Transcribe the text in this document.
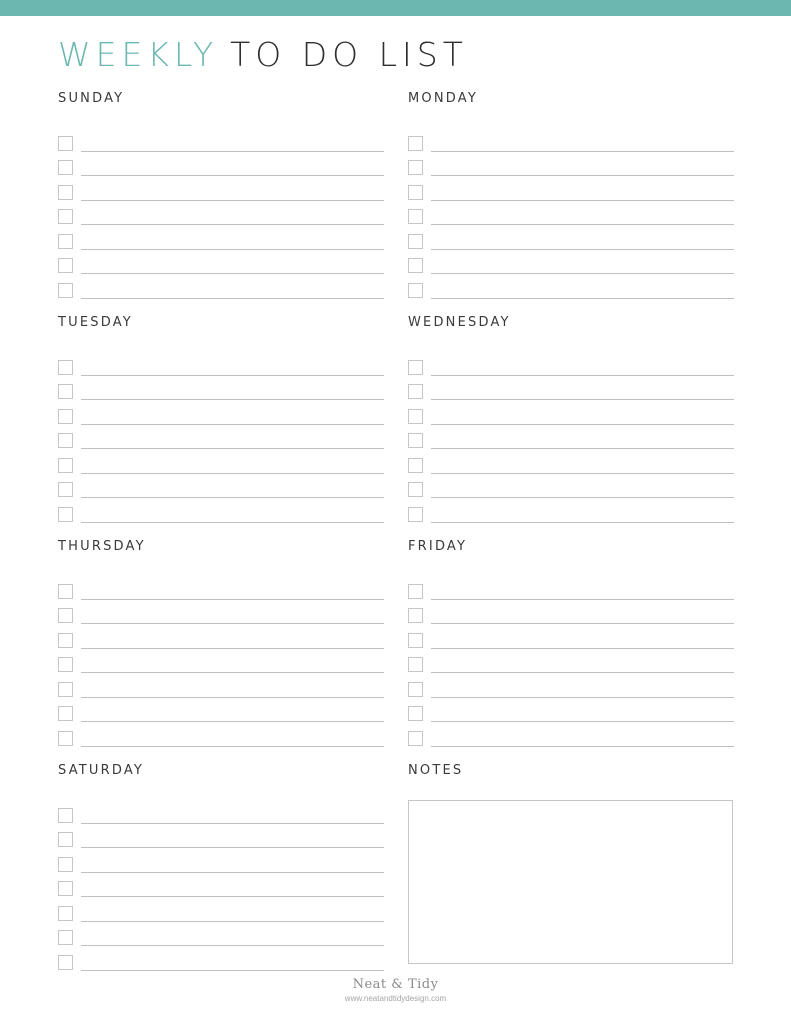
WEEKLY TO DO LIST
SUNDAY	MONDAY
TUESDAY	WEDNESDAY
THURSDAY	FRIDAY
SATURDAY	NOTES
Neat & Tidy
www.neatandtidydesign.com
